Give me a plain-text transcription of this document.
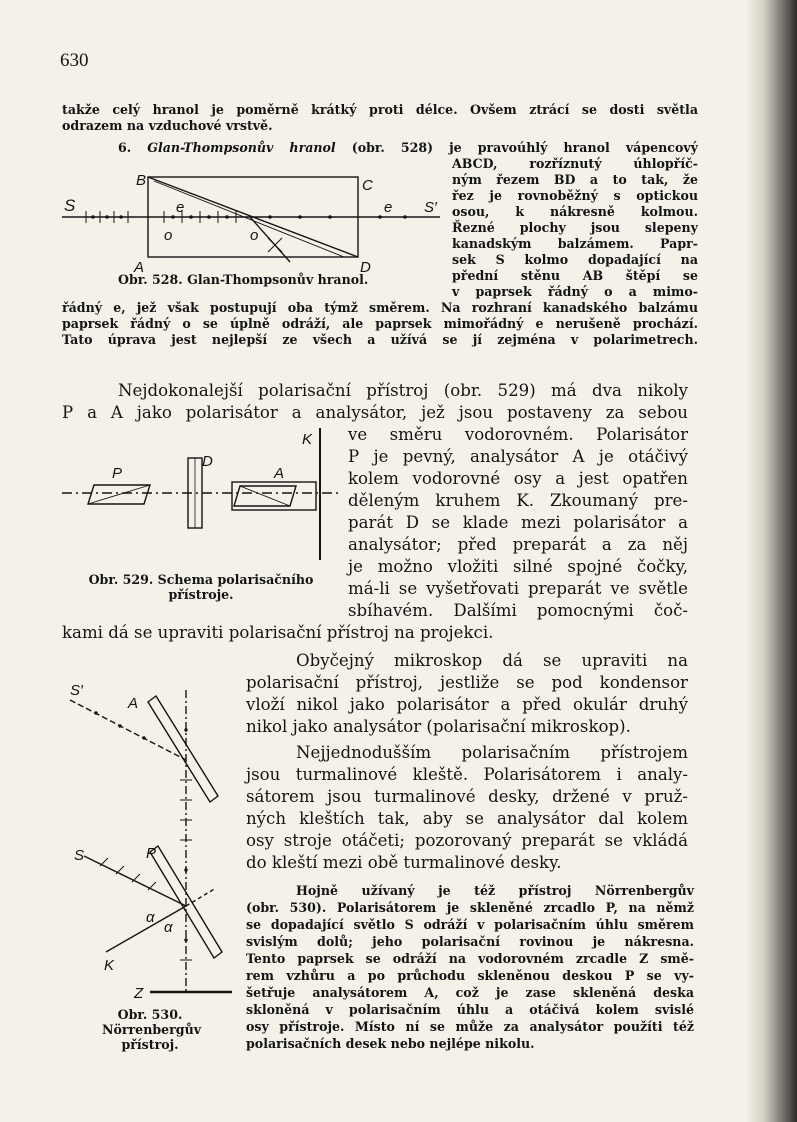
630
takže celý hranol je poměrně krátký proti délce. Ovšem ztrácí se dosti světla
odrazem na vzduchové vrstvě.
6. Glan-Thompsonův hranol (obr. 528) je pravoúhlý hranol vápencový
ABCD, rozříznutý úhlopříč-
ným řezem BD a to tak, že
řez je rovnoběžný s optickou
osou, k nákresně kolmou.
Řezné plochy jsou slepeny
kanadským balzámem. Papr-
sek S kolmo dopadající na
přední stěnu AB štěpí se
v paprsek řádný o a mimo-
řádný e, jež však postupují oba týmž směrem. Na rozhraní kanadského balzámu
paprsek řádný o se úplně odráží, ale paprsek mimořádný e nerušeně prochází.
Tato úprava jest nejlepší ze všech a užívá se jí zejména v polarimetrech.
Obr. 528. Glan-Thompsonův hranol.
Nejdokonalejší polarisační přístroj (obr. 529) má dva nikoly
P a A jako polarisátor a analysátor, jež jsou postaveny za sebou
ve směru vodorovném. Polarisátor
P je pevný, analysátor A je otáčivý
kolem vodorovné osy a jest opatřen
děleným kruhem K. Zkoumaný pre-
parát D se klade mezi polarisátor a
analysátor; před preparát a za něj
je možno vložiti silné spojné čočky,
má-li se vyšetřovati preparát ve světle
sbíhavém. Dalšími pomocnými čoč-
kami dá se upraviti polarisační přístroj na projekci.
Obr. 529. Schema polarisačního
přístroje.
Obyčejný mikroskop dá se upraviti na
polarisační přístroj, jestliže se pod kondensor
vloží nikol jako polarisátor a před okulár druhý
nikol jako analysátor (polarisační mikroskop).
Nejjednodušším polarisačním přístrojem
jsou turmalinové kleště. Polarisátorem i analy-
sátorem jsou turmalinové desky, držené v pruž-
ných kleštích tak, aby se analysátor dal kolem
osy stroje otáčeti; pozorovaný preparát se vkládá
do kleští mezi obě turmalinové desky.
Hojně užívaný je též přístroj Nörrenbergův
(obr. 530). Polarisátorem je skleněné zrcadlo P, na němž
se dopadající světlo S odráží v polarisačním úhlu směrem
svislým dolů; jeho polarisační rovinou je nákresna.
Tento paprsek se odráží na vodorovném zrcadle Z smě-
rem vzhůru a po průchodu skleněnou deskou P se vy-
šetřuje analysátorem A, což je zase skleněná deska
skloněná v polarisačním úhlu a otáčivá kolem svislé
osy přístroje. Místo ní se může za analysátor použíti též
polarisačních desek nebo nejlépe nikolu.
Obr. 530.
Nörrenbergův
přístroj.
B	C
A	D
S	S′
e	e
o	o
P
D
A
K
S′
A
S	P
α
α
K
Z
